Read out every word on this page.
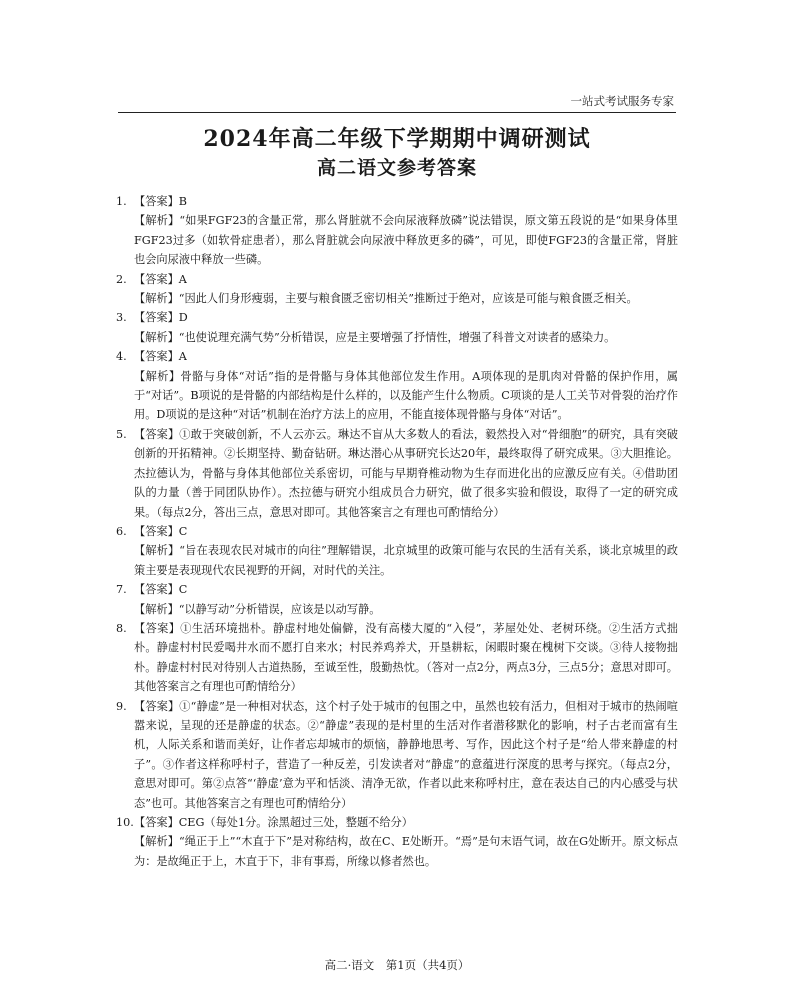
一站式考试服务专家
2024年高二年级下学期期中调研测试
高二语文参考答案
1. 【答案】B

【解析】“如果FGF23的含量正常，那么肾脏就不会向尿液释放磷”说法错误，原文第五段说的是“如果身体里FGF23过多（如软骨症患者），那么肾脏就会向尿液中释放更多的磷”，可见，即使FGF23的含量正常，肾脏也会向尿液中释放一些磷。

2. 【答案】A

【解析】“因此人们身形瘦弱，主要与粮食匮乏密切相关”推断过于绝对，应该是可能与粮食匮乏相关。

3. 【答案】D

【解析】“也使说理充满气势”分析错误，应是主要增强了抒情性，增强了科普文对读者的感染力。

4. 【答案】A

【解析】骨骼与身体“对话”指的是骨骼与身体其他部位发生作用。A项体现的是肌肉对骨骼的保护作用，属于“对话”。B项说的是骨骼的内部结构是什么样的，以及能产生什么物质。C项谈的是人工关节对骨裂的治疗作用。D项说的是这种“对话”机制在治疗方法上的应用，不能直接体现骨骼与身体“对话”。

5. 【答案】①敢于突破创新，不人云亦云。琳达不盲从大多数人的看法，毅然投入对“骨细胞”的研究，具有突破创新的开拓精神。②长期坚持、勤奋钻研。琳达潜心从事研究长达20年，最终取得了研究成果。③大胆推论。杰拉德认为，骨骼与身体其他部位关系密切，可能与早期脊椎动物为生存而进化出的应激反应有关。④借助团队的力量（善于同团队协作）。杰拉德与研究小组成员合力研究，做了很多实验和假设，取得了一定的研究成果。（每点2分，答出三点，意思对即可。其他答案言之有理也可酌情给分）

6. 【答案】C

【解析】“旨在表现农民对城市的向往”理解错误，北京城里的政策可能与农民的生活有关系，谈北京城里的政策主要是表现现代农民视野的开阔，对时代的关注。

7. 【答案】C

【解析】“以静写动”分析错误，应该是以动写静。

8. 【答案】①生活环境拙朴。静虚村地处偏僻，没有高楼大厦的“入侵”，茅屋处处、老树环绕。②生活方式拙朴。静虚村村民爱喝井水而不愿打自来水；村民养鸡养犬，开垦耕耘，闲暇时聚在槐树下交谈。③待人接物拙朴。静虚村村民对待别人古道热肠，至诚至性，殷勤热忱。（答对一点2分，两点3分，三点5分；意思对即可。其他答案言之有理也可酌情给分）

9. 【答案】①“静虚”是一种相对状态，这个村子处于城市的包围之中，虽然也较有活力，但相对于城市的热闹喧嚣来说，呈现的还是静虚的状态。②“静虚”表现的是村里的生活对作者潜移默化的影响，村子古老而富有生机，人际关系和谐而美好，让作者忘却城市的烦恼，静静地思考、写作，因此这个村子是“给人带来静虚的村子”。③作者这样称呼村子，营造了一种反差，引发读者对“静虚”的意蕴进行深度的思考与探究。（每点2分，意思对即可。第②点答“‘静虚’意为平和恬淡、清净无欲，作者以此来称呼村庄，意在表达自己的内心感受与状态”也可。其他答案言之有理也可酌情给分）

10. 【答案】CEG（每处1分。涂黑超过三处，整题不给分）

【解析】“绳正于上”“木直于下”是对称结构，故在C、E处断开。“焉”是句末语气词，故在G处断开。原文标点为：是故绳正于上，木直于下，非有事焉，所缘以修者然也。

高二·语文　第1页（共4页）
